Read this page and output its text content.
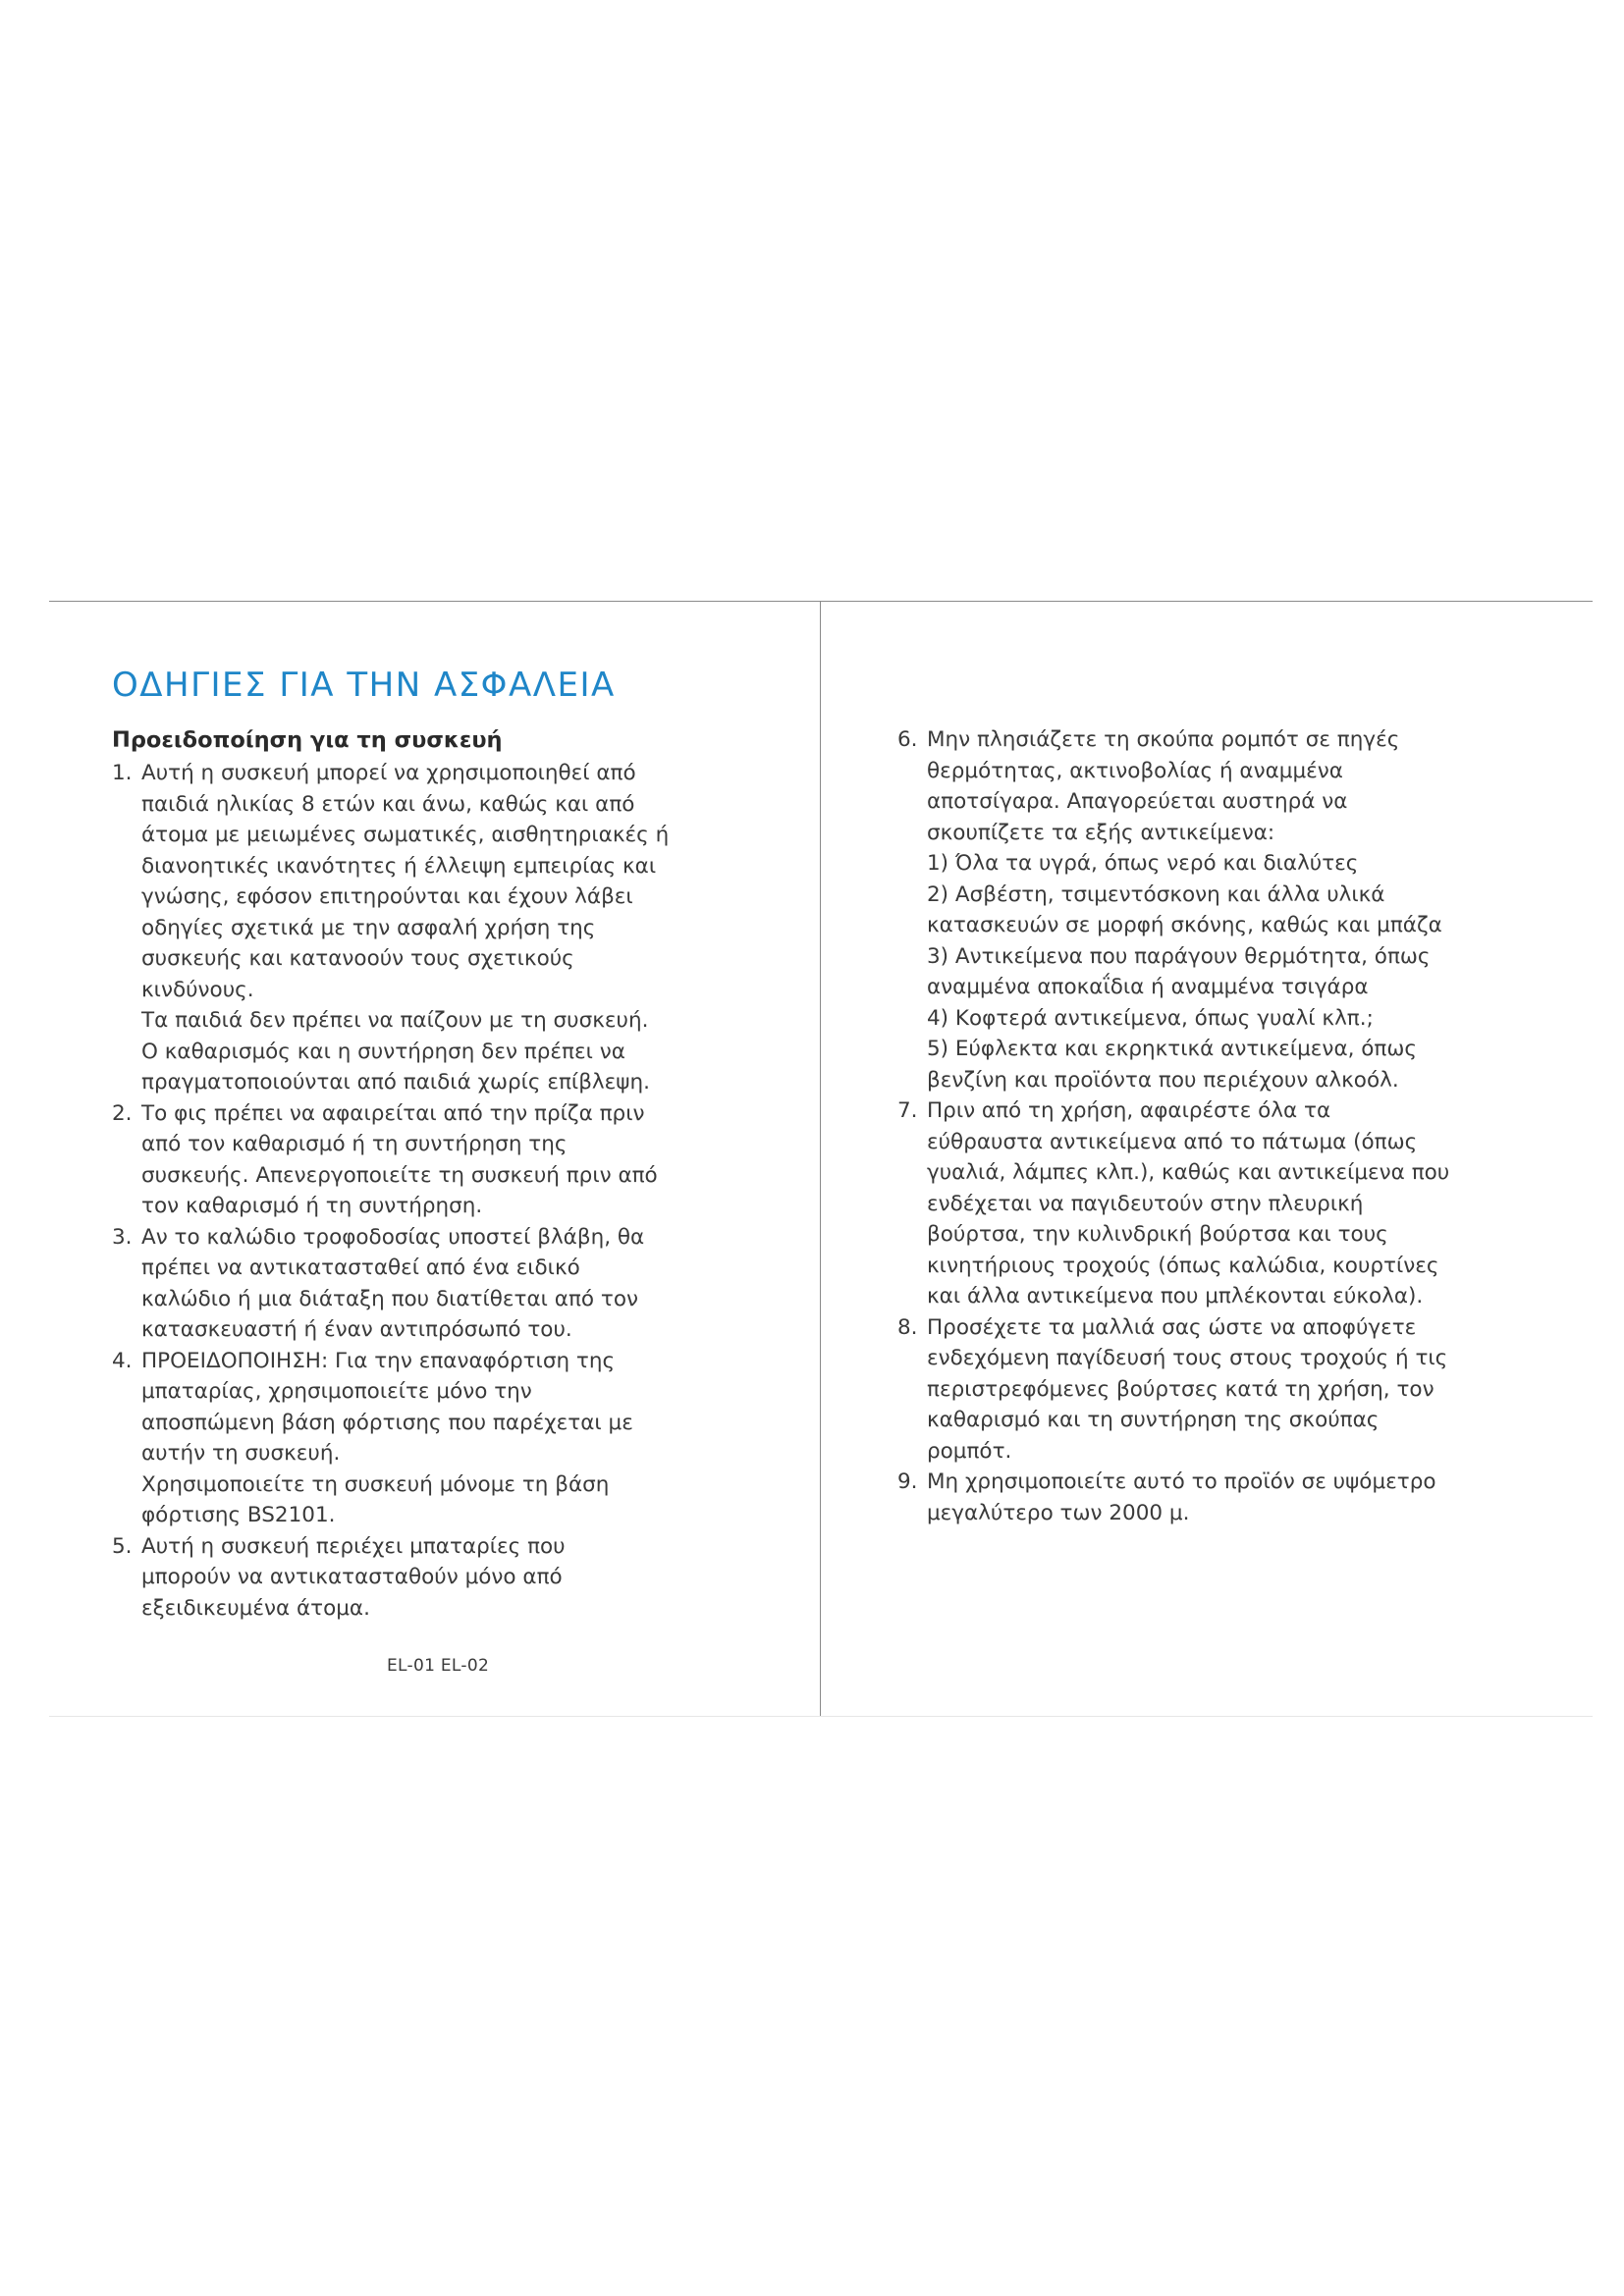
ΟΔΗΓΙΕΣ ΓΙΑ ΤΗΝ ΑΣΦΑΛΕΙΑ
Προειδοποίηση για τη συσκευή
1. Αυτή η συσκευή μπορεί να χρησιμοποιηθεί από
παιδιά ηλικίας 8 ετών και άνω, καθώς και από
άτομα με μειωμένες σωματικές, αισθητηριακές ή
διανοητικές ικανότητες ή έλλειψη εμπειρίας και
γνώσης, εφόσον επιτηρούνται και έχουν λάβει
οδηγίες σχετικά με την ασφαλή χρήση της
συσκευής και κατανοούν τους σχετικούς
κινδύνους.
Τα παιδιά δεν πρέπει να παίζουν με τη συσκευή.
Ο καθαρισμός και η συντήρηση δεν πρέπει να
πραγματοποιούνται από παιδιά χωρίς επίβλεψη.
2. Το φις πρέπει να αφαιρείται από την πρίζα πριν
από τον καθαρισμό ή τη συντήρηση της
συσκευής. Απενεργοποιείτε τη συσκευή πριν από
τον καθαρισμό ή τη συντήρηση.
3. Αν το καλώδιο τροφοδοσίας υποστεί βλάβη, θα
πρέπει να αντικατασταθεί από ένα ειδικό
καλώδιο ή μια διάταξη που διατίθεται από τον
κατασκευαστή ή έναν αντιπρόσωπό του.
4. ΠΡΟΕΙΔΟΠΟΙΗΣΗ: Για την επαναφόρτιση της
μπαταρίας, χρησιμοποιείτε μόνο την
αποσπώμενη βάση φόρτισης που παρέχεται με
αυτήν τη συσκευή.
Χρησιμοποιείτε τη συσκευή μόνομε τη βάση
φόρτισης BS2101.
5. Αυτή η συσκευή περιέχει μπαταρίες που
μπορούν να αντικατασταθούν μόνο από
εξειδικευμένα άτομα.
6. Μην πλησιάζετε τη σκούπα ρομπότ σε πηγές
θερμότητας, ακτινοβολίας ή αναμμένα
αποτσίγαρα. Απαγορεύεται αυστηρά να
σκουπίζετε τα εξής αντικείμενα:
1) Όλα τα υγρά, όπως νερό και διαλύτες
2) Ασβέστη, τσιμεντόσκονη και άλλα υλικά
κατασκευών σε μορφή σκόνης, καθώς και μπάζα
3) Αντικείμενα που παράγουν θερμότητα, όπως
αναμμένα αποκαΐδια ή αναμμένα τσιγάρα
4) Κοφτερά αντικείμενα, όπως γυαλί κλπ.;
5) Εύφλεκτα και εκρηκτικά αντικείμενα, όπως
βενζίνη και προϊόντα που περιέχουν αλκοόλ.
7. Πριν από τη χρήση, αφαιρέστε όλα τα
εύθραυστα αντικείμενα από το πάτωμα (όπως
γυαλιά, λάμπες κλπ.), καθώς και αντικείμενα που
ενδέχεται να παγιδευτούν στην πλευρική
βούρτσα, την κυλινδρική βούρτσα και τους
κινητήριους τροχούς (όπως καλώδια, κουρτίνες
και άλλα αντικείμενα που μπλέκονται εύκολα).
8. Προσέχετε τα μαλλιά σας ώστε να αποφύγετε
ενδεχόμενη παγίδευσή τους στους τροχούς ή τις
περιστρεφόμενες βούρτσες κατά τη χρήση, τον
καθαρισμό και τη συντήρηση της σκούπας
ρομπότ.
9. Μη χρησιμοποιείτε αυτό το προϊόν σε υψόμετρο
μεγαλύτερο των 2000 μ.
EL-01 EL-02
